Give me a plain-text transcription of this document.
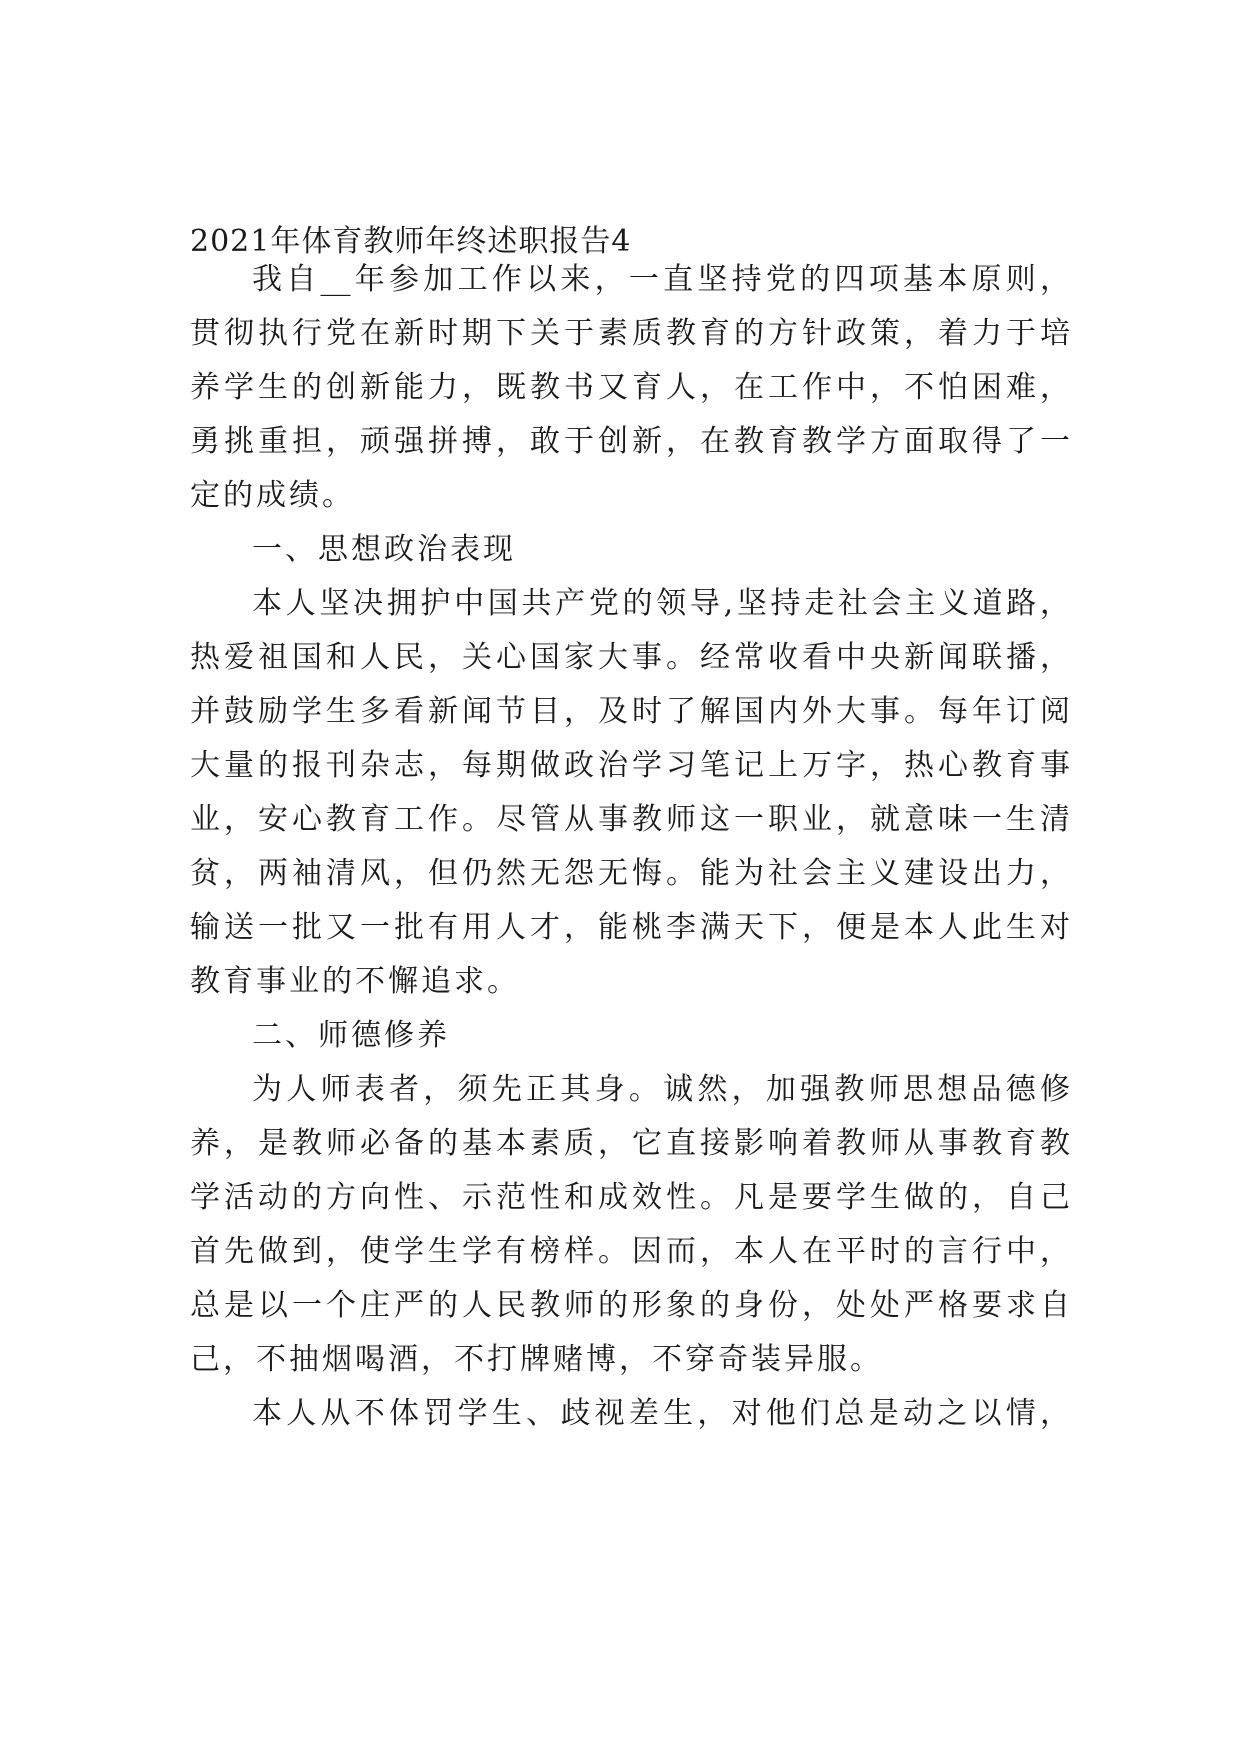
2021年体育教师年终述职报告4
我自__年参加工作以来，一直坚持党的四项基本原则，
贯彻执行党在新时期下关于素质教育的方针政策，着力于培
养学生的创新能力，既教书又育人，在工作中，不怕困难，
勇挑重担，顽强拼搏，敢于创新，在教育教学方面取得了一
定的成绩。
一、思想政治表现
本人坚决拥护中国共产党的领导,坚持走社会主义道路，
热爱祖国和人民，关心国家大事。经常收看中央新闻联播，
并鼓励学生多看新闻节目，及时了解国内外大事。每年订阅
大量的报刊杂志，每期做政治学习笔记上万字，热心教育事
业，安心教育工作。尽管从事教师这一职业，就意味一生清
贫，两袖清风，但仍然无怨无悔。能为社会主义建设出力，
输送一批又一批有用人才，能桃李满天下，便是本人此生对
教育事业的不懈追求。
二、师德修养
为人师表者，须先正其身。诚然，加强教师思想品德修
养，是教师必备的基本素质，它直接影响着教师从事教育教
学活动的方向性、示范性和成效性。凡是要学生做的，自己
首先做到，使学生学有榜样。因而，本人在平时的言行中，
总是以一个庄严的人民教师的形象的身份，处处严格要求自
己，不抽烟喝酒，不打牌赌博，不穿奇装异服。
本人从不体罚学生、歧视差生，对他们总是动之以情，
